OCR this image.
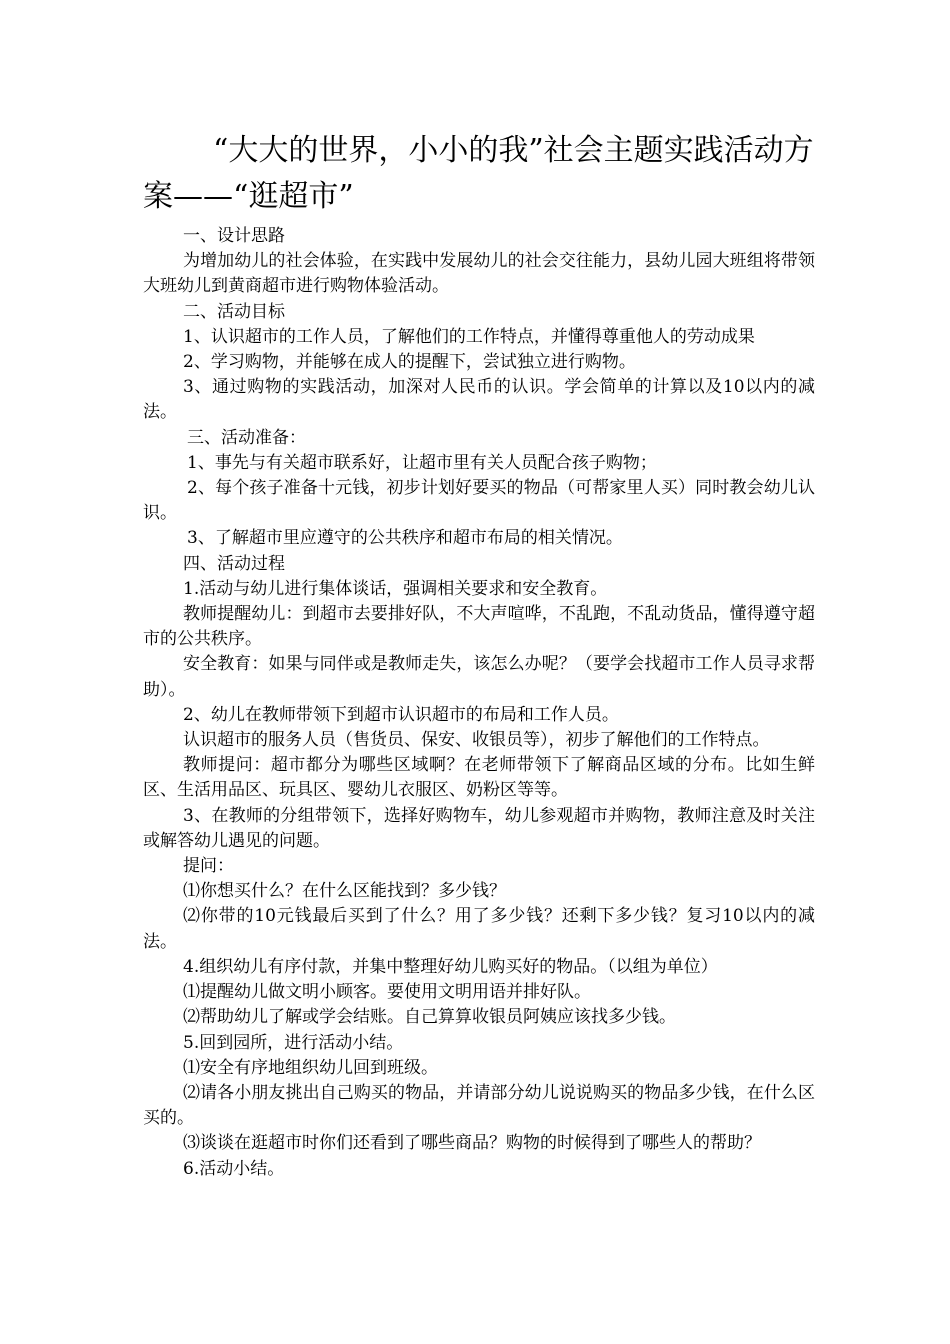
“大大的世界，小小的我”社会主题实践活动方案——“逛超市”

一、设计思路

为增加幼儿的社会体验，在实践中发展幼儿的社会交往能力，县幼儿园大班组将带领大班幼儿到黄商超市进行购物体验活动。

二、活动目标

1、认识超市的工作人员，了解他们的工作特点，并懂得尊重他人的劳动成果

2、学习购物，并能够在成人的提醒下，尝试独立进行购物。

3、通过购物的实践活动，加深对人民币的认识。学会简单的计算以及10以内的减法。

三、活动准备：

1、事先与有关超市联系好，让超市里有关人员配合孩子购物；

2、每个孩子准备十元钱，初步计划好要买的物品（可帮家里人买）同时教会幼儿认识。

3、了解超市里应遵守的公共秩序和超市布局的相关情况。

四、活动过程

1.活动与幼儿进行集体谈话，强调相关要求和安全教育。

教师提醒幼儿：到超市去要排好队，不大声喧哗，不乱跑，不乱动货品，懂得遵守超市的公共秩序。

安全教育：如果与同伴或是教师走失，该怎么办呢？（要学会找超市工作人员寻求帮助）。

2、幼儿在教师带领下到超市认识超市的布局和工作人员。

认识超市的服务人员（售货员、保安、收银员等），初步了解他们的工作特点。

教师提问：超市都分为哪些区域啊？在老师带领下了解商品区域的分布。比如生鲜区、生活用品区、玩具区、婴幼儿衣服区、奶粉区等等。

3、在教师的分组带领下，选择好购物车，幼儿参观超市并购物，教师注意及时关注或解答幼儿遇见的问题。

提问：

⑴你想买什么？在什么区能找到？多少钱？

⑵你带的10元钱最后买到了什么？用了多少钱？还剩下多少钱？复习10以内的减法。

4.组织幼儿有序付款，并集中整理好幼儿购买好的物品。（以组为单位）

⑴提醒幼儿做文明小顾客。要使用文明用语并排好队。

⑵帮助幼儿了解或学会结账。自己算算收银员阿姨应该找多少钱。

5.回到园所，进行活动小结。

⑴安全有序地组织幼儿回到班级。

⑵请各小朋友挑出自己购买的物品，并请部分幼儿说说购买的物品多少钱，在什么区买的。

⑶谈谈在逛超市时你们还看到了哪些商品？购物的时候得到了哪些人的帮助？

6.活动小结。
